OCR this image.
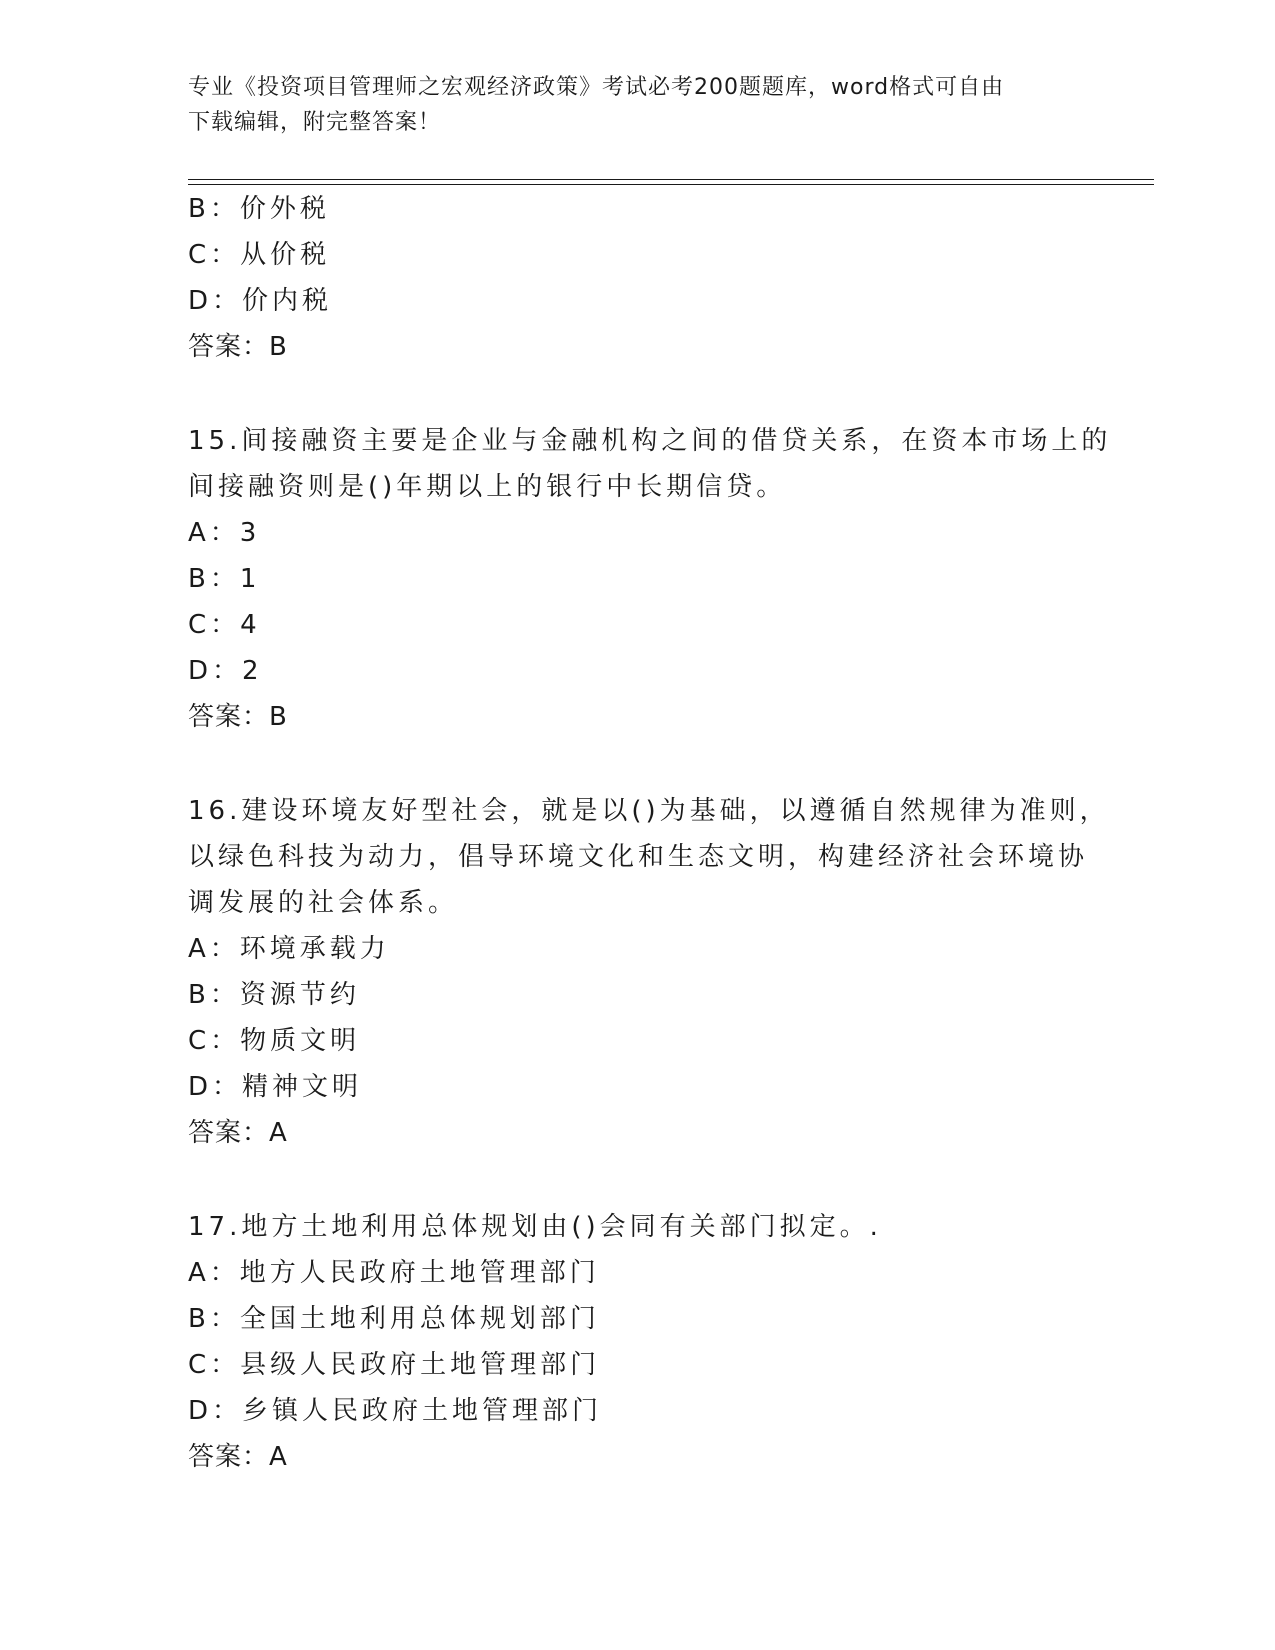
专业《投资项目管理师之宏观经济政策》考试必考200题题库，word格式可自由
下载编辑，附完整答案！
B：价外税
C：从价税
D：价内税
答案：B
15.间接融资主要是企业与金融机构之间的借贷关系，在资本市场上的
间接融资则是()年期以上的银行中长期信贷。
A：3
B：1
C：4
D：2
答案：B
16.建设环境友好型社会，就是以()为基础，以遵循自然规律为准则，
以绿色科技为动力，倡导环境文化和生态文明，构建经济社会环境协
调发展的社会体系。
A：环境承载力
B：资源节约
C：物质文明
D：精神文明
答案：A
17.地方土地利用总体规划由()会同有关部门拟定。.
A：地方人民政府土地管理部门
B：全国土地利用总体规划部门
C：县级人民政府土地管理部门
D：乡镇人民政府土地管理部门
答案：A
